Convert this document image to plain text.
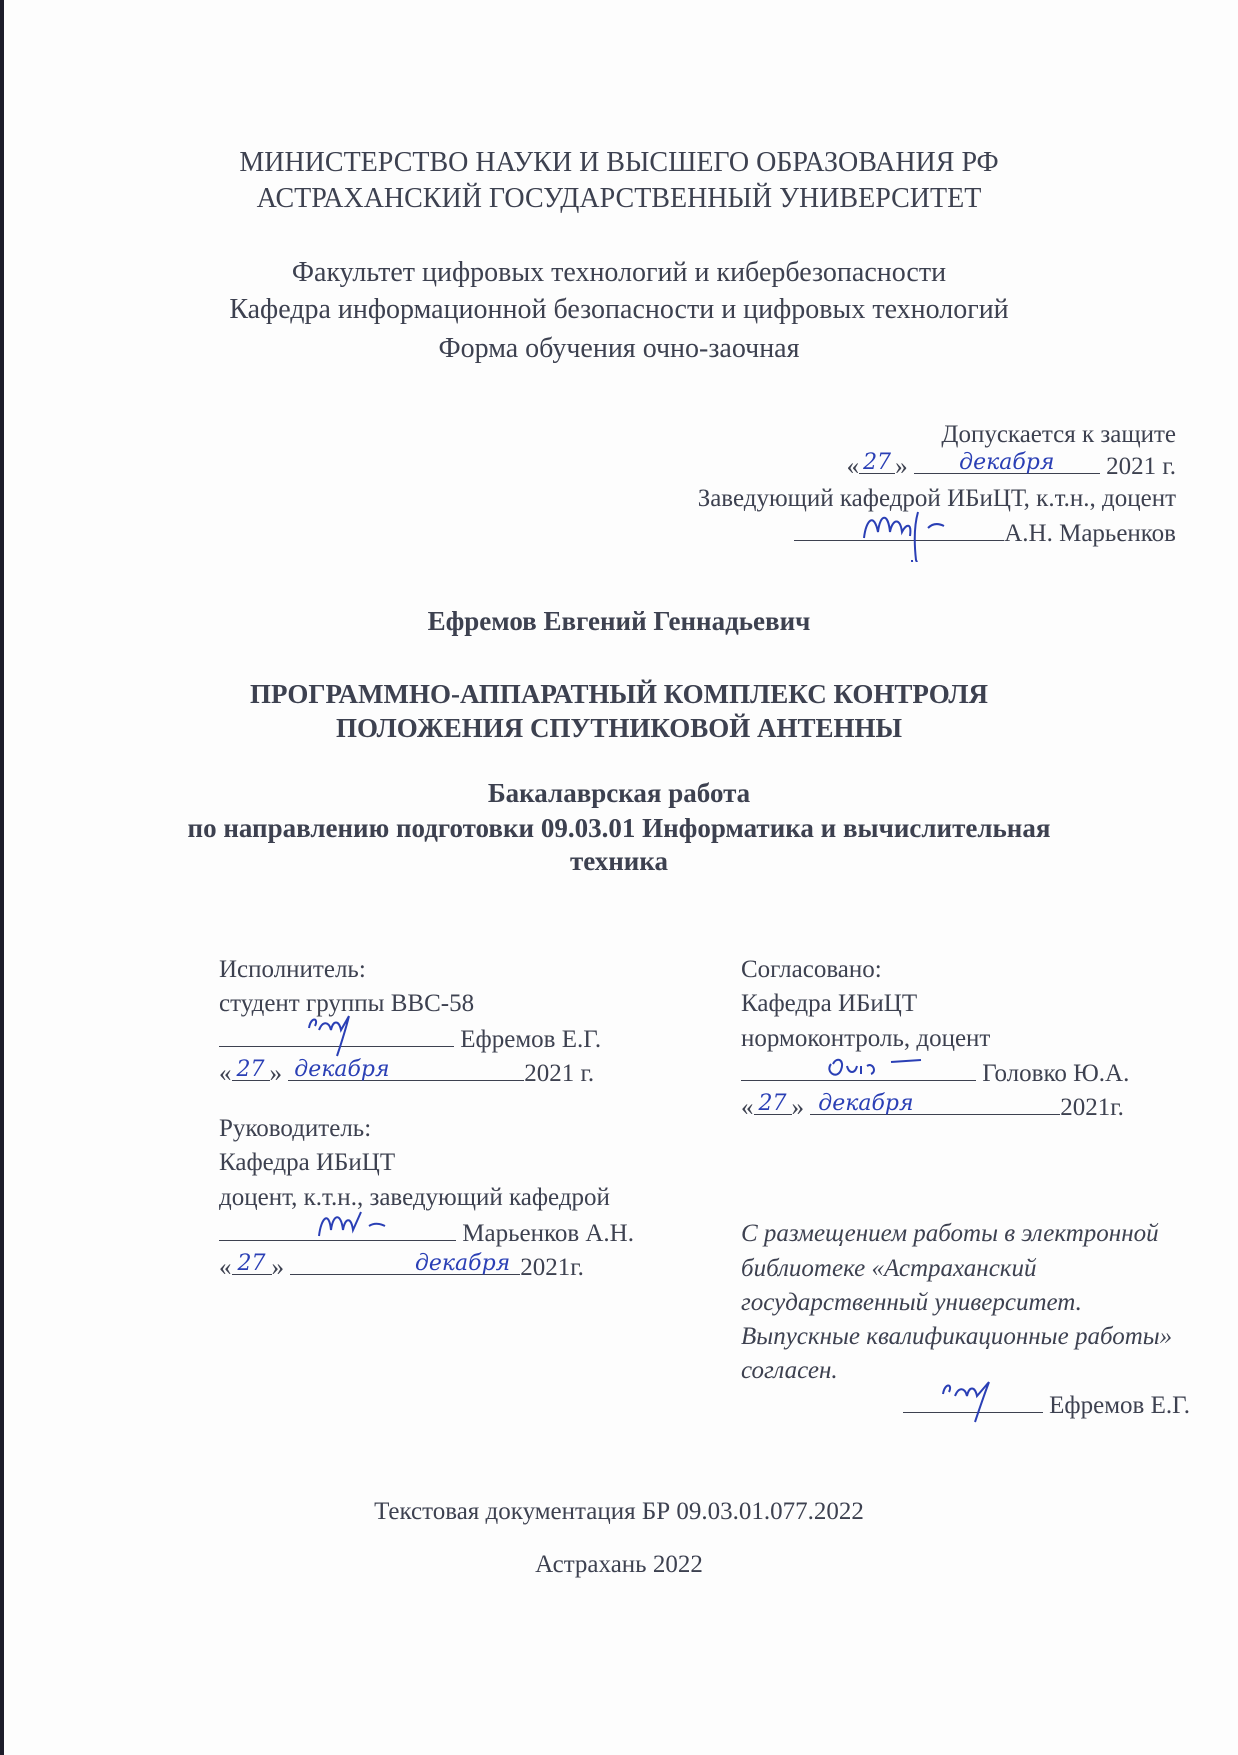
МИНИСТЕРСТВО НАУКИ И ВЫСШЕГО ОБРАЗОВАНИЯ РФ
АСТРАХАНСКИЙ ГОСУДАРСТВЕННЫЙ УНИВЕРСИТЕТ
Факультет цифровых технологий и кибербезопасности
Кафедра информационной безопасности и цифровых технологий
Форма обучения очно-заочная
Допускается к защите
« 27 »	декабря	2021 г.
Заведующий кафедрой ИБиЦТ, к.т.н., доцент
А.Н. Марьенков
Ефремов Евгений Геннадьевич
ПРОГРАММНО-АППАРАТНЫЙ КОМПЛЕКС КОНТРОЛЯ
ПОЛОЖЕНИЯ СПУТНИКОВОЙ АНТЕННЫ
Бакалаврская работа
по направлению подготовки 09.03.01 Информатика и вычислительная
техника
Исполнитель:
студент группы ВВС-58
Ефремов Е.Г.
« 27 » декабря	2021 г.
Руководитель:
Кафедра ИБиЦТ
доцент, к.т.н., заведующий кафедрой
Марьенков А.Н.
« 27 »	декабря 2021г.
Согласовано:
Кафедра ИБиЦТ
нормоконтроль, доцент
Головко Ю.А.
« 27 » декабря	2021г.
С размещением работы в электронной
библиотеке «Астраханский
государственный университет.
Выпускные квалификационные работы»
согласен.
Ефремов Е.Г.
Текстовая документация БР 09.03.01.077.2022
Астрахань 2022
